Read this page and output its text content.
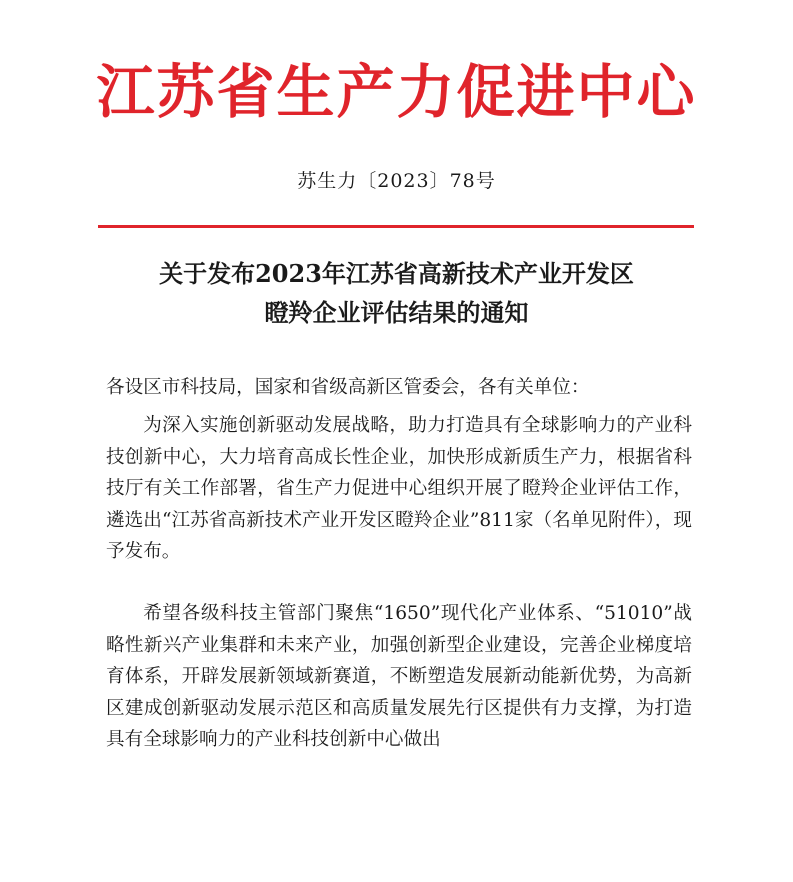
江苏省生产力促进中心
苏生力〔2023〕78号
关于发布2023年江苏省高新技术产业开发区
瞪羚企业评估结果的通知
各设区市科技局，国家和省级高新区管委会，各有关单位：
为深入实施创新驱动发展战略，助力打造具有全球影响力的产业科技创新中心，大力培育高成长性企业，加快形成新质生产力，根据省科技厅有关工作部署，省生产力促进中心组织开展了瞪羚企业评估工作，遴选出“江苏省高新技术产业开发区瞪羚企业”811家（名单见附件），现予发布。
希望各级科技主管部门聚焦“1650”现代化产业体系、“51010”战略性新兴产业集群和未来产业，加强创新型企业建设，完善企业梯度培育体系，开辟发展新领域新赛道，不断塑造发展新动能新优势，为高新区建成创新驱动发展示范区和高质量发展先行区提供有力支撑，为打造具有全球影响力的产业科技创新中心做出
